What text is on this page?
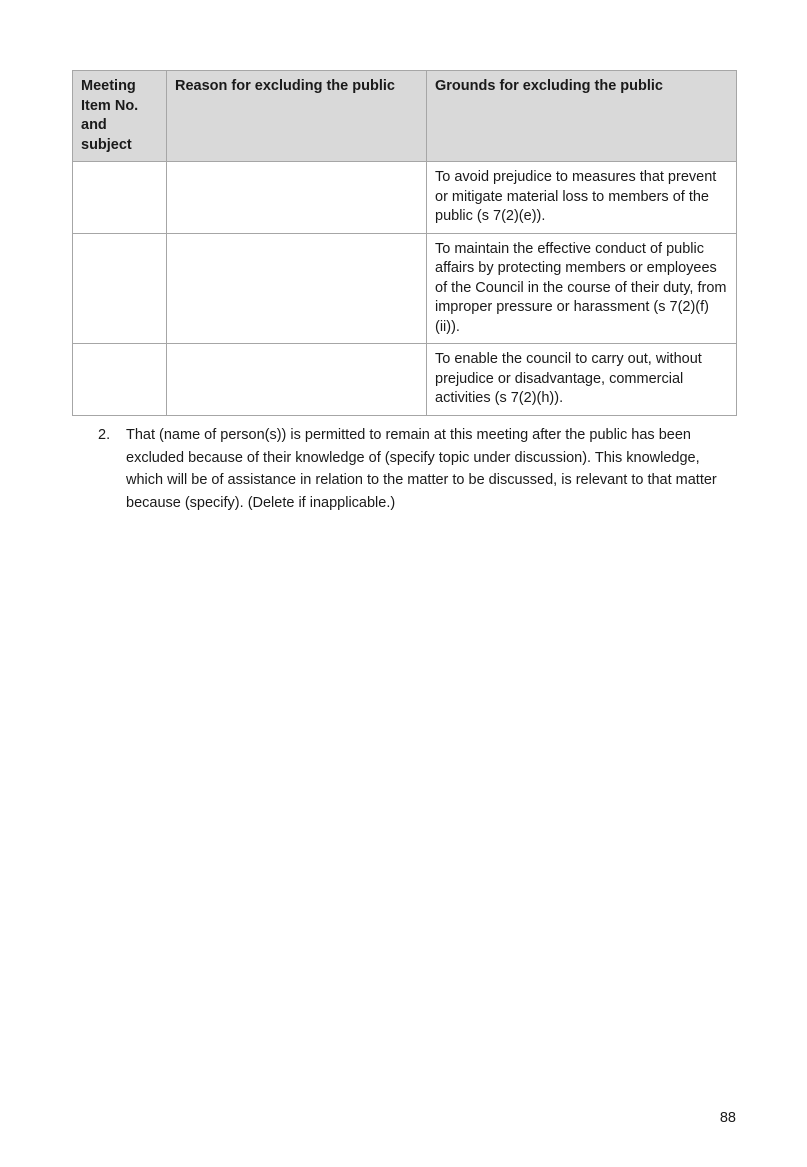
Meeting Item No. and subject	Reason for excluding the public	Grounds for excluding the public
		To avoid prejudice to measures that prevent or mitigate material loss to members of the public (s 7(2)(e)).
		To maintain the effective conduct of public affairs by protecting members or employees of the Council in the course of their duty, from improper pressure or harassment (s 7(2)(f)(ii)).
		To enable the council to carry out, without prejudice or disadvantage, commercial activities (s 7(2)(h)).
2. That (name of person(s)) is permitted to remain at this meeting after the public has been excluded because of their knowledge of (specify topic under discussion). This knowledge, which will be of assistance in relation to the matter to be discussed, is relevant to that matter because (specify). (Delete if inapplicable.)
88
